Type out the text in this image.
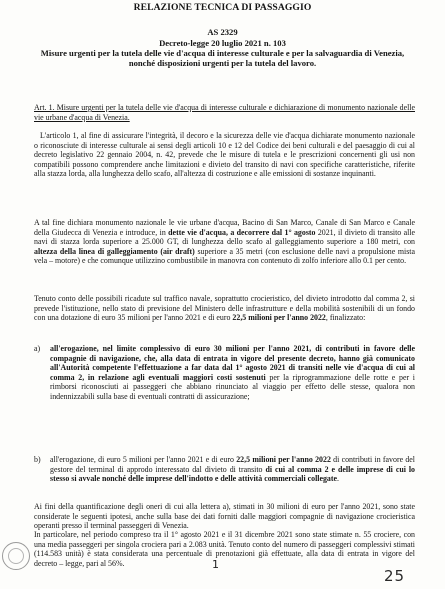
RELAZIONE TECNICA DI PASSAGGIO
AS 2329
Decreto-legge 20 luglio 2021 n. 103
Misure urgenti per la tutela delle vie d'acqua di interesse culturale e per la salvaguardia di Venezia, nonché disposizioni urgenti per la tutela del lavoro.
Art. 1. Misure urgenti per la tutela delle vie d'acqua di interesse culturale e dichiarazione di monumento nazionale delle vie urbane d'acqua di Venezia.
L'articolo 1, al fine di assicurare l'integrità, il decoro e la sicurezza delle vie d'acqua dichiarate monumento nazionale o riconosciute di interesse culturale ai sensi degli articoli 10 e 12 del Codice dei beni culturali e del paesaggio di cui al decreto legislativo 22 gennaio 2004, n. 42, prevede che le misure di tutela e le prescrizioni concernenti gli usi non compatibili possono comprendere anche limitazioni e divieto del transito di navi con specifiche caratteristiche, riferite alla stazza lorda, alla lunghezza dello scafo, all'altezza di costruzione e alle emissioni di sostanze inquinanti.
A tal fine dichiara monumento nazionale le vie urbane d'acqua, Bacino di San Marco, Canale di San Marco e Canale della Giudecca di Venezia e introduce, in dette vie d'acqua, a decorrere dal 1° agosto 2021, il divieto di transito alle navi di stazza lorda superiore a 25.000 GT, di lunghezza dello scafo al galleggiamento superiore a 180 metri, con altezza della linea di galleggiamento (air draft) superiore a 35 metri (con esclusione delle navi a propulsione mista vela – motore) e che comunque utilizzino combustibile in manovra con contenuto di zolfo inferiore allo 0.1 per cento.
Tenuto conto delle possibili ricadute sul traffico navale, soprattutto crocieristico, del divieto introdotto dal comma 2, si prevede l'istituzione, nello stato di previsione del Ministero delle infrastrutture e della mobilità sostenibili di un fondo con una dotazione di euro 35 milioni per l'anno 2021 e di euro 22,5 milioni per l'anno 2022, finalizzato:
a)	all'erogazione, nel limite complessivo di euro 30 milioni per l'anno 2021, di contributi in favore delle compagnie di navigazione, che, alla data di entrata in vigore del presente decreto, hanno già comunicato all'Autorità competente l'effettuazione a far data dal 1° agosto 2021 di transiti nelle vie d'acqua di cui al comma 2, in relazione agli eventuali maggiori costi sostenuti per la riprogrammazione delle rotte e per i rimborsi riconosciuti ai passeggeri che abbiano rinunciato al viaggio per effetto delle stesse, qualora non indennizzabili sulla base di eventuali contratti di assicurazione;
b)	all'erogazione, di euro 5 milioni per l'anno 2021 e di euro 22,5 milioni per l'anno 2022 di contributi in favore del gestore del terminal di approdo interessato dal divieto di transito di cui al comma 2 e delle imprese di cui lo stesso si avvale nonché delle imprese dell'indotto e delle attività commerciali collegate.
Ai fini della quantificazione degli oneri di cui alla lettera a), stimati in 30 milioni di euro per l'anno 2021, sono state considerate le seguenti ipotesi, anche sulla base dei dati forniti dalle maggiori compagnie di navigazione crocieristica operanti presso il terminal passeggeri di Venezia.
In particolare, nel periodo compreso tra il 1° agosto 2021 e il 31 dicembre 2021 sono state stimate n. 55 crociere, con una media passeggeri per singola crociera pari a 2.083 unità. Tenuto conto del numero di passeggeri complessivi stimati (114.583 unità) è stata considerata una percentuale di prenotazioni già effettuate, alla data di entrata in vigore del decreto – legge, pari al 56%.	1
25
